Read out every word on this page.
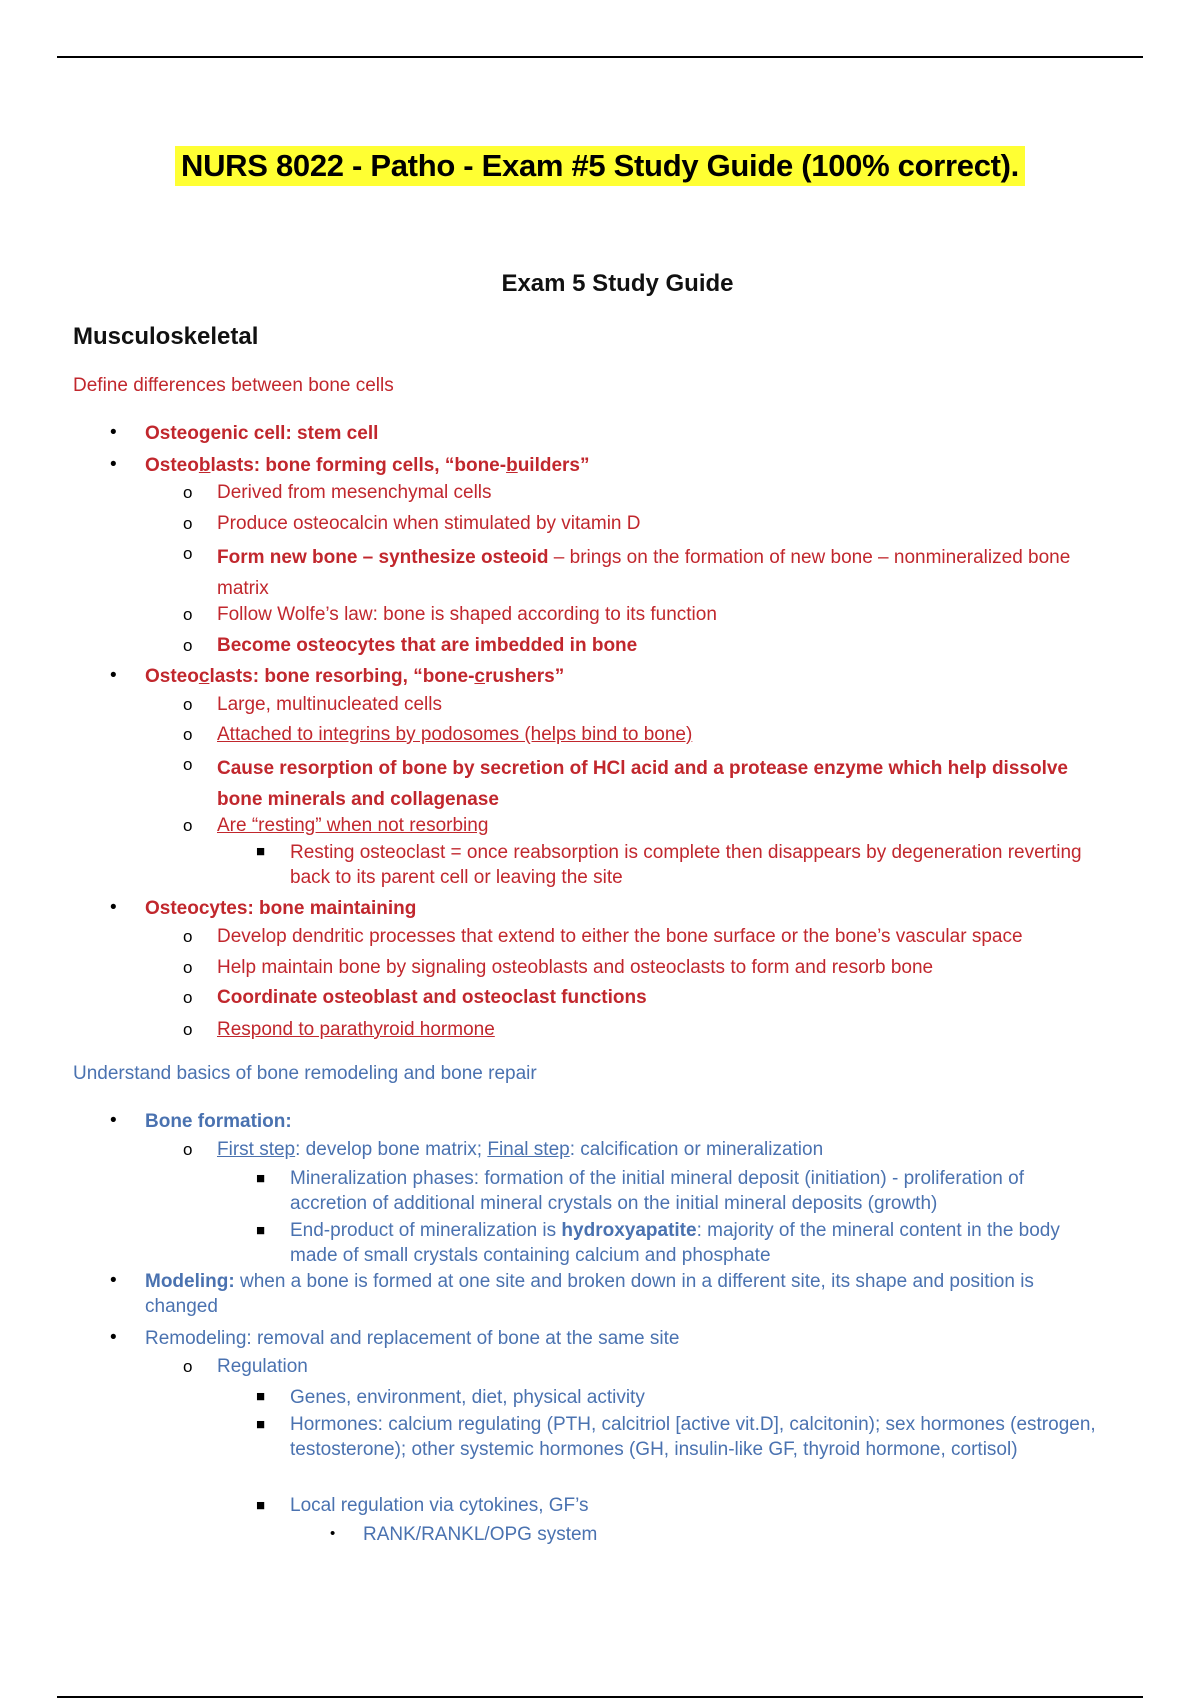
NURS 8022 - Patho - Exam #5 Study Guide (100% correct).
Exam 5 Study Guide
Musculoskeletal
Define differences between bone cells
• Osteogenic cell: stem cell
• Osteoblasts: bone forming cells, “bone-builders”
o Derived from mesenchymal cells
o Produce osteocalcin when stimulated by vitamin D
o Form new bone – synthesize osteoid – brings on the formation of new bone – nonmineralized bone matrix
o Follow Wolfe’s law: bone is shaped according to its function
o Become osteocytes that are imbedded in bone
• Osteoclasts: bone resorbing, “bone-crushers”
o Large, multinucleated cells
o Attached to integrins by podosomes (helps bind to bone)
o Cause resorption of bone by secretion of HCl acid and a protease enzyme which help dissolve bone minerals and collagenase
o Are “resting” when not resorbing
■ Resting osteoclast = once reabsorption is complete then disappears by degeneration reverting back to its parent cell or leaving the site
• Osteocytes: bone maintaining
o Develop dendritic processes that extend to either the bone surface or the bone’s vascular space
o Help maintain bone by signaling osteoblasts and osteoclasts to form and resorb bone
o Coordinate osteoblast and osteoclast functions
o Respond to parathyroid hormone
Understand basics of bone remodeling and bone repair
• Bone formation:
o First step: develop bone matrix; Final step: calcification or mineralization
■ Mineralization phases: formation of the initial mineral deposit (initiation) - proliferation of accretion of additional mineral crystals on the initial mineral deposits (growth)
■ End-product of mineralization is hydroxyapatite: majority of the mineral content in the body made of small crystals containing calcium and phosphate
• Modeling: when a bone is formed at one site and broken down in a different site, its shape and position is changed
• Remodeling: removal and replacement of bone at the same site
o Regulation
■ Genes, environment, diet, physical activity
■ Hormones: calcium regulating (PTH, calcitriol [active vit.D], calcitonin); sex hormones (estrogen, testosterone); other systemic hormones (GH, insulin-like GF, thyroid hormone, cortisol)
■ Local regulation via cytokines, GF’s
• RANK/RANKL/OPG system
